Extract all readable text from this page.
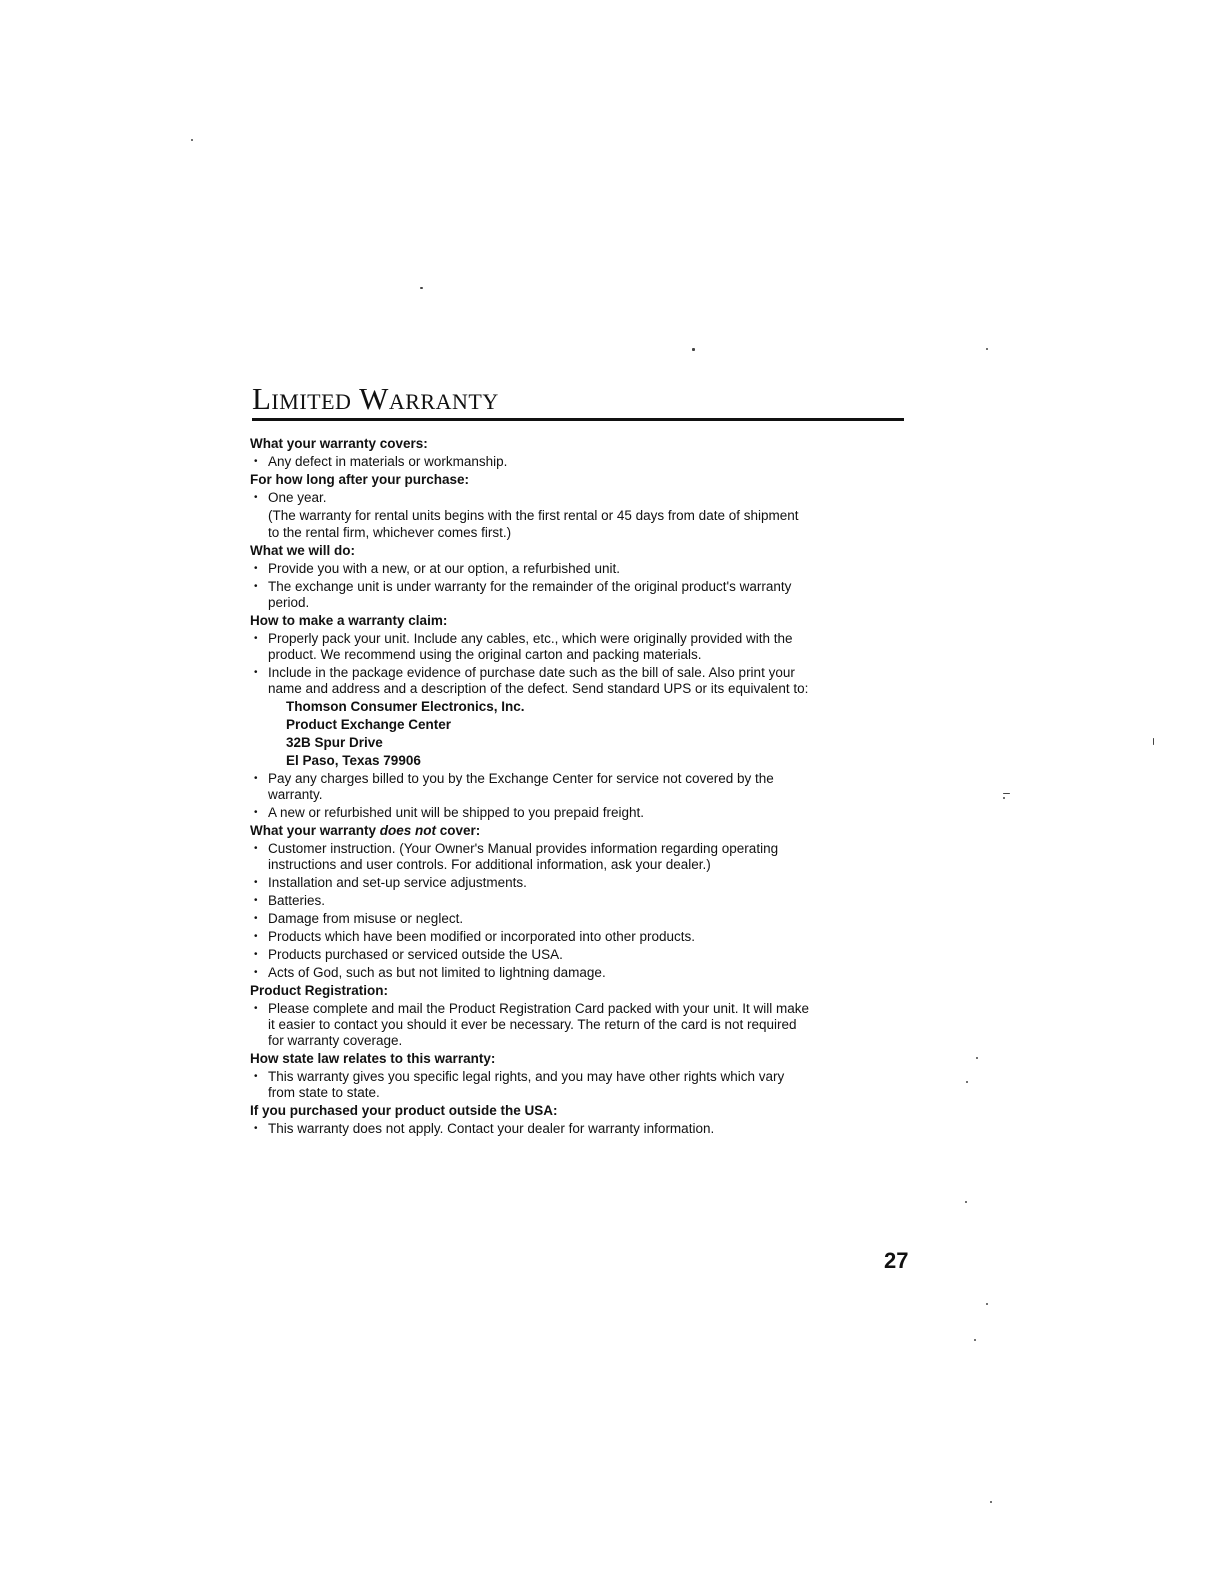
Limited Warranty
What your warranty covers:
• Any defect in materials or workmanship.
For how long after your purchase:
• One year.
(The warranty for rental units begins with the first rental or 45 days from date of shipment
to the rental firm, whichever comes first.)
What we will do:
• Provide you with a new, or at our option, a refurbished unit.
• The exchange unit is under warranty for the remainder of the original product's warranty
period.
How to make a warranty claim:
• Properly pack your unit. Include any cables, etc., which were originally provided with the
product. We recommend using the original carton and packing materials.
• Include in the package evidence of purchase date such as the bill of sale. Also print your
name and address and a description of the defect. Send standard UPS or its equivalent to:
Thomson Consumer Electronics, Inc.
Product Exchange Center
32B Spur Drive
El Paso, Texas 79906
• Pay any charges billed to you by the Exchange Center for service not covered by the
warranty.
• A new or refurbished unit will be shipped to you prepaid freight.
What your warranty does not cover:
• Customer instruction. (Your Owner's Manual provides information regarding operating
instructions and user controls. For additional information, ask your dealer.)
• Installation and set-up service adjustments.
• Batteries.
• Damage from misuse or neglect.
• Products which have been modified or incorporated into other products.
• Products purchased or serviced outside the USA.
• Acts of God, such as but not limited to lightning damage.
Product Registration:
• Please complete and mail the Product Registration Card packed with your unit. It will make
it easier to contact you should it ever be necessary. The return of the card is not required
for warranty coverage.
How state law relates to this warranty:
• This warranty gives you specific legal rights, and you may have other rights which vary
from state to state.
If you purchased your product outside the USA:
• This warranty does not apply. Contact your dealer for warranty information.
27
